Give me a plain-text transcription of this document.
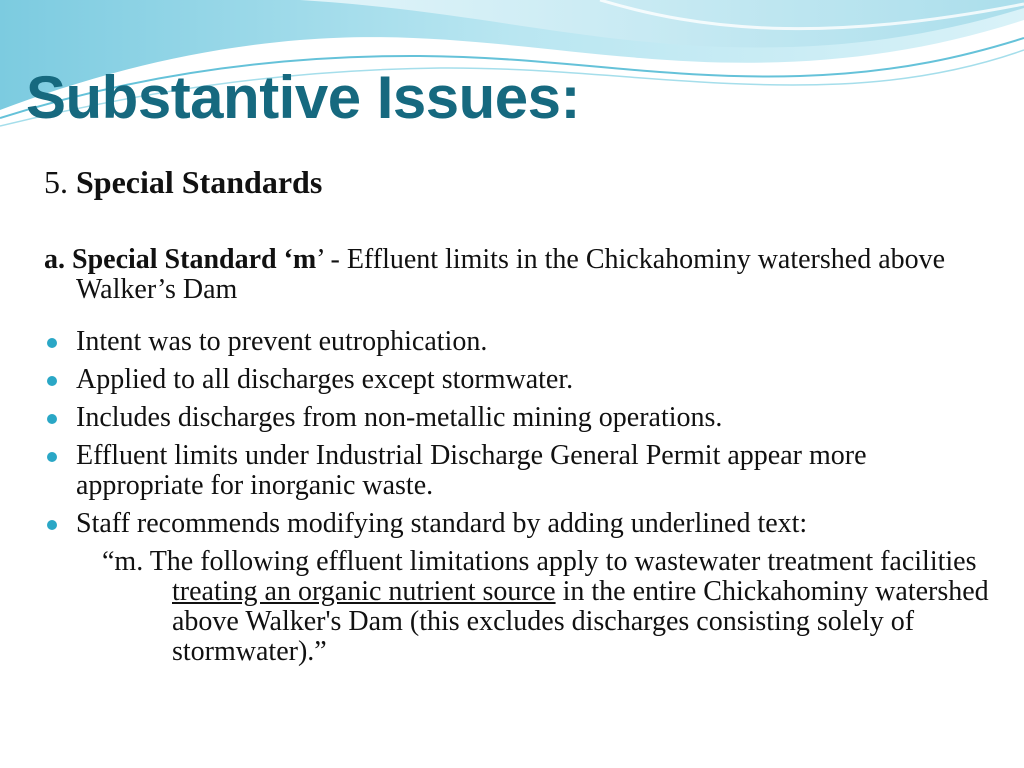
Substantive Issues:

5. Special Standards

a. Special Standard ‘m’ - Effluent limits in the Chickahominy watershed above Walker’s Dam

Intent was to prevent eutrophication.
Applied to all discharges except stormwater.
Includes discharges from non-metallic mining operations.
Effluent limits under Industrial Discharge General Permit appear more appropriate for inorganic waste.
Staff recommends modifying standard by adding underlined text:

“m. The following effluent limitations apply to wastewater treatment facilities treating an organic nutrient source in the entire Chickahominy watershed above Walker's Dam (this excludes discharges consisting solely of stormwater).”
